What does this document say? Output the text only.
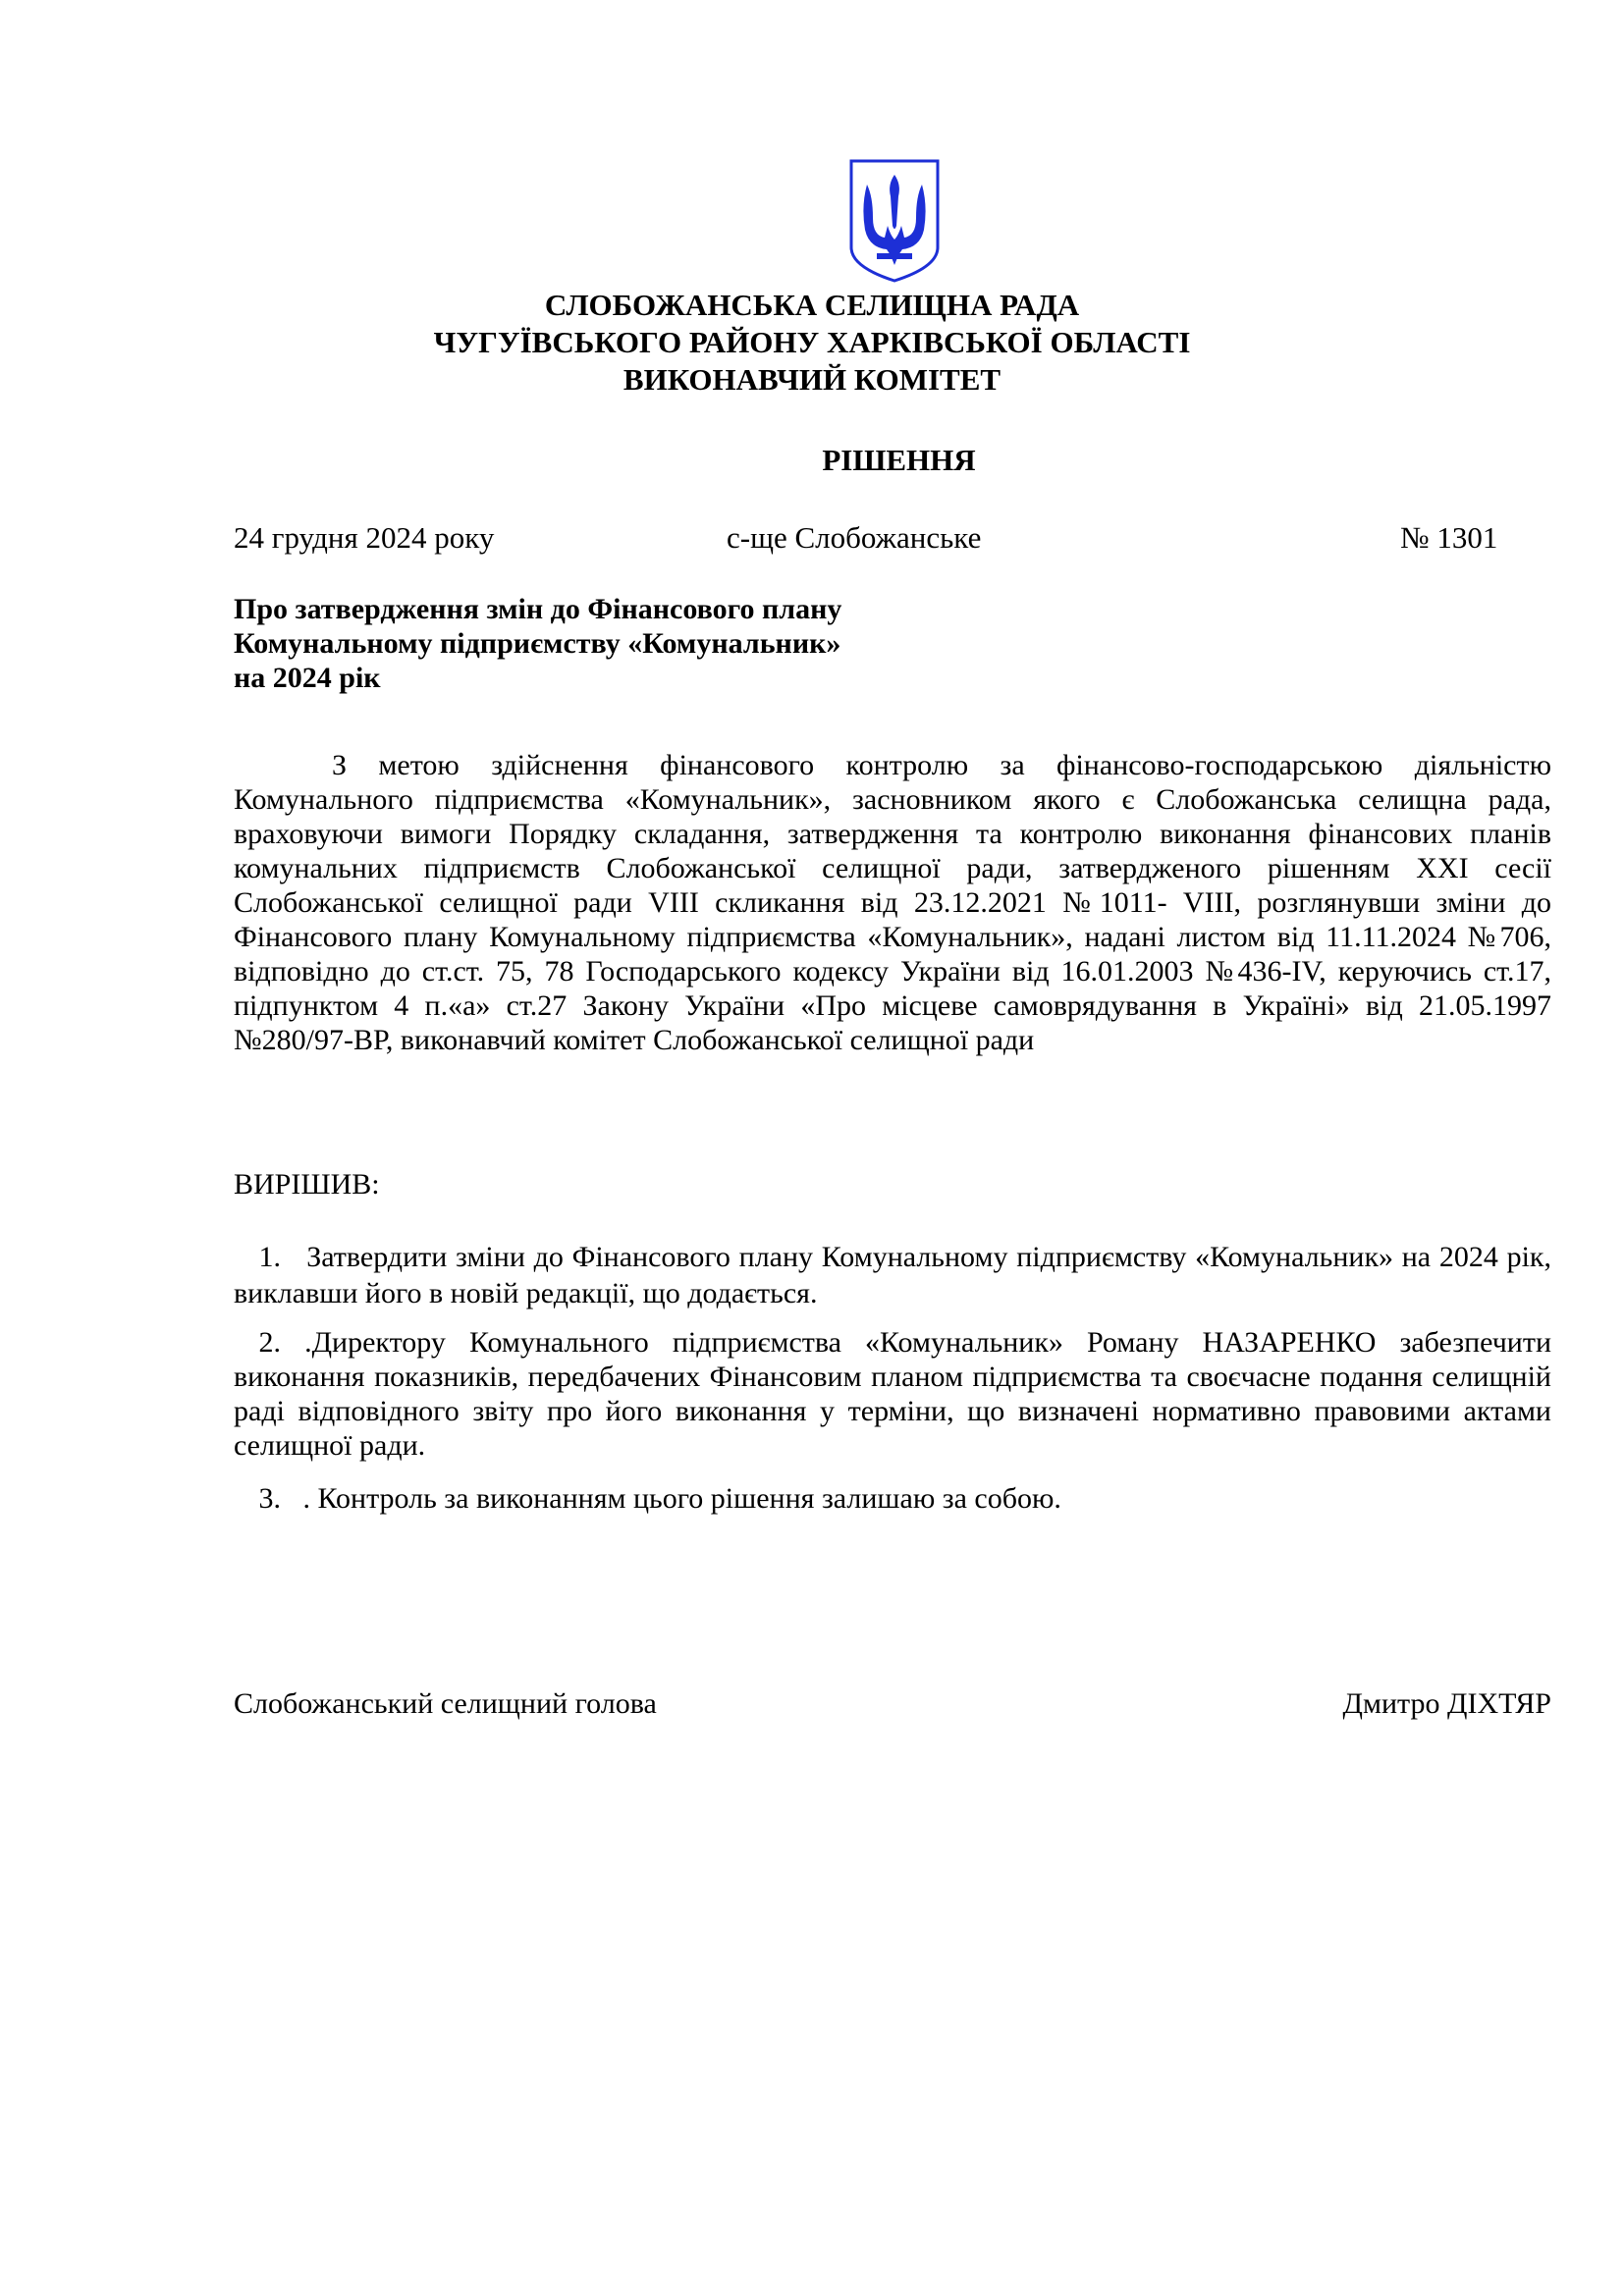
СЛОБОЖАНСЬКА СЕЛИЩНА РАДА
ЧУГУЇВСЬКОГО РАЙОНУ ХАРКІВСЬКОЇ ОБЛАСТІ
ВИКОНАВЧИЙ КОМІТЕТ
РІШЕННЯ
24 грудня 2024 року	с-ще Слобожанське	№ 1301
Про затвердження змін до Фінансового плану
Комунальному підприємству «Комунальник»
на 2024 рік
З метою здійснення фінансового контролю за фінансово-господарською діяльністю Комунального підприємства «Комунальник», засновником якого є Слобожанська селищна рада, враховуючи вимоги Порядку складання, затвердження та контролю виконання фінансових планів комунальних підприємств Слобожанської селищної ради, затвердженого рішенням XXI сесії Слобожанської селищної ради VIII скликання від 23.12.2021 №1011- VIII, розглянувши зміни до Фінансового плану Комунальному підприємства «Комунальник», надані листом від 11.11.2024 №706, відповідно до ст.ст. 75, 78 Господарського кодексу України від 16.01.2003 №436-IV, керуючись ст.17, підпунктом 4 п.«а» ст.27 Закону України «Про місцеве самоврядування в Україні» від 21.05.1997 №280/97-ВР, виконавчий комітет Слобожанської селищної ради
ВИРІШИВ:
1. Затвердити зміни до Фінансового плану Комунальному підприємству «Комунальник» на 2024 рік, виклавши його в новій редакції, що додається.
2. .Директору Комунального підприємства «Комунальник» Роману НАЗАРЕНКО забезпечити виконання показників, передбачених Фінансовим планом підприємства та своєчасне подання селищній раді відповідного звіту про його виконання у терміни, що визначені нормативно правовими актами селищної ради.
3. . Контроль за виконанням цього рішення залишаю за собою.
Слобожанський селищний голова	Дмитро ДІХТЯР
